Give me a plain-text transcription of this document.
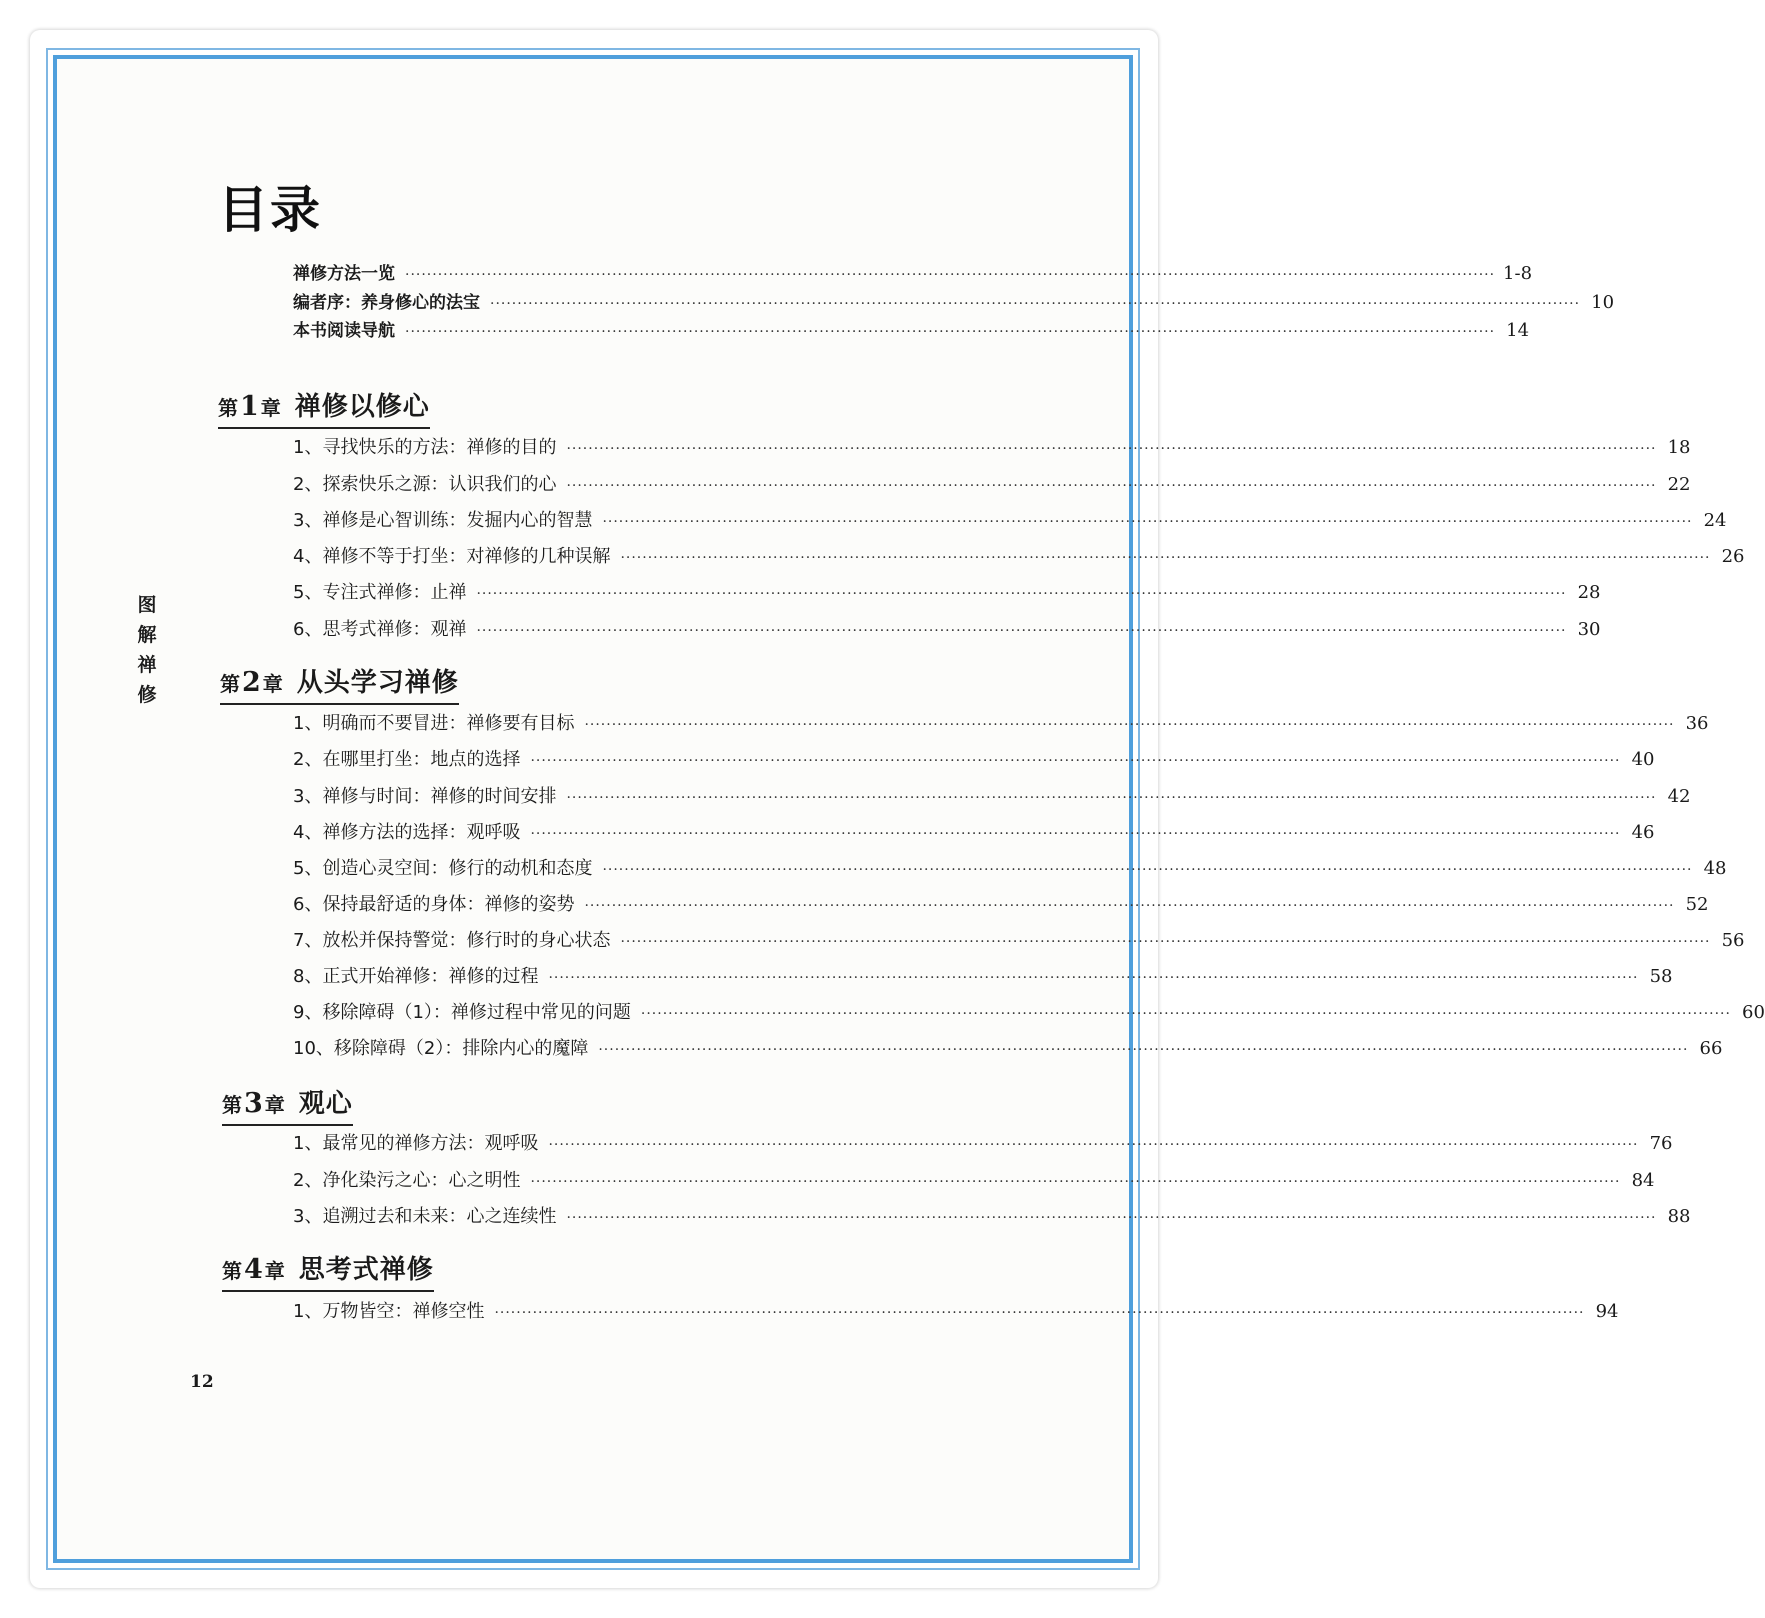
目录
禅修方法一览 ········································································································································································································ 1-8
编者序：养身修心的法宝 ········································································································································································································ 10
本书阅读导航 ········································································································································································································ 14
第1 章 禅修以修心
1、寻找快乐的方法：禅修的目的 ········································································································································································································ 18
2、探索快乐之源：认识我们的心 ········································································································································································································ 22
3、禅修是心智训练：发掘内心的智慧 ········································································································································································································ 24
4、禅修不等于打坐：对禅修的几种误解 ········································································································································································································ 26
5、专注式禅修：止禅 ········································································································································································································ 28
6、思考式禅修：观禅 ········································································································································································································ 30
第2 章 从头学习禅修
1、明确而不要冒进：禅修要有目标 ········································································································································································································ 36
2、在哪里打坐：地点的选择 ········································································································································································································ 40
3、禅修与时间：禅修的时间安排 ········································································································································································································ 42
4、禅修方法的选择：观呼吸 ········································································································································································································ 46
5、创造心灵空间：修行的动机和态度 ········································································································································································································ 48
6、保持最舒适的身体：禅修的姿势 ········································································································································································································ 52
7、放松并保持警觉：修行时的身心状态 ········································································································································································································ 56
8、正式开始禅修：禅修的过程 ········································································································································································································ 58
9、移除障碍（1）：禅修过程中常见的问题 ········································································································································································································ 60
10、移除障碍（2）：排除内心的魔障 ········································································································································································································ 66
第3 章 观心
1、最常见的禅修方法：观呼吸 ········································································································································································································ 76
2、净化染污之心：心之明性 ········································································································································································································ 84
3、追溯过去和未来：心之连续性 ········································································································································································································ 88
第4 章 思考式禅修
1、万物皆空：禅修空性 ········································································································································································································ 94
图
解
禅
修
12
